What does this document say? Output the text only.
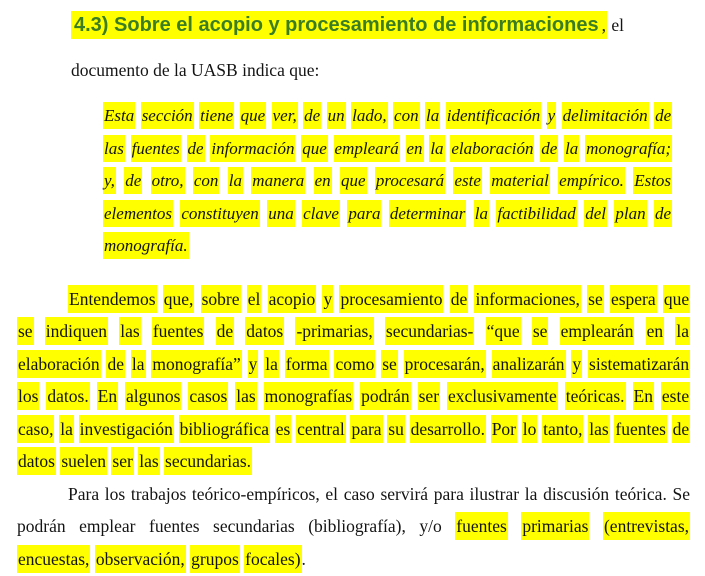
4.3) Sobre el acopio y procesamiento de informaciones , el
documento de la UASB indica que:
Esta sección tiene que ver, de un lado, con la identificación y delimitación de las fuentes de información que empleará en la elaboración de la monografía; y, de otro, con la manera en que procesará este material empírico. Estos elementos constituyen una clave para determinar la factibilidad del plan de monografía.
Entendemos que, sobre el acopio y procesamiento de informaciones, se espera que se indiquen las fuentes de datos -primarias, secundarias- “que se emplearán en la elaboración de la monografía” y la forma como se procesarán, analizarán y sistematizarán los datos. En algunos casos las monografías podrán ser exclusivamente teóricas. En este caso, la investigación bibliográfica es central para su desarrollo. Por lo tanto, las fuentes de datos suelen ser las secundarias.
Para los trabajos teórico-empíricos, el caso servirá para ilustrar la discusión teórica. Se podrán emplear fuentes secundarias (bibliografía), y/o fuentes primarias (entrevistas, encuestas, observación, grupos focales).
